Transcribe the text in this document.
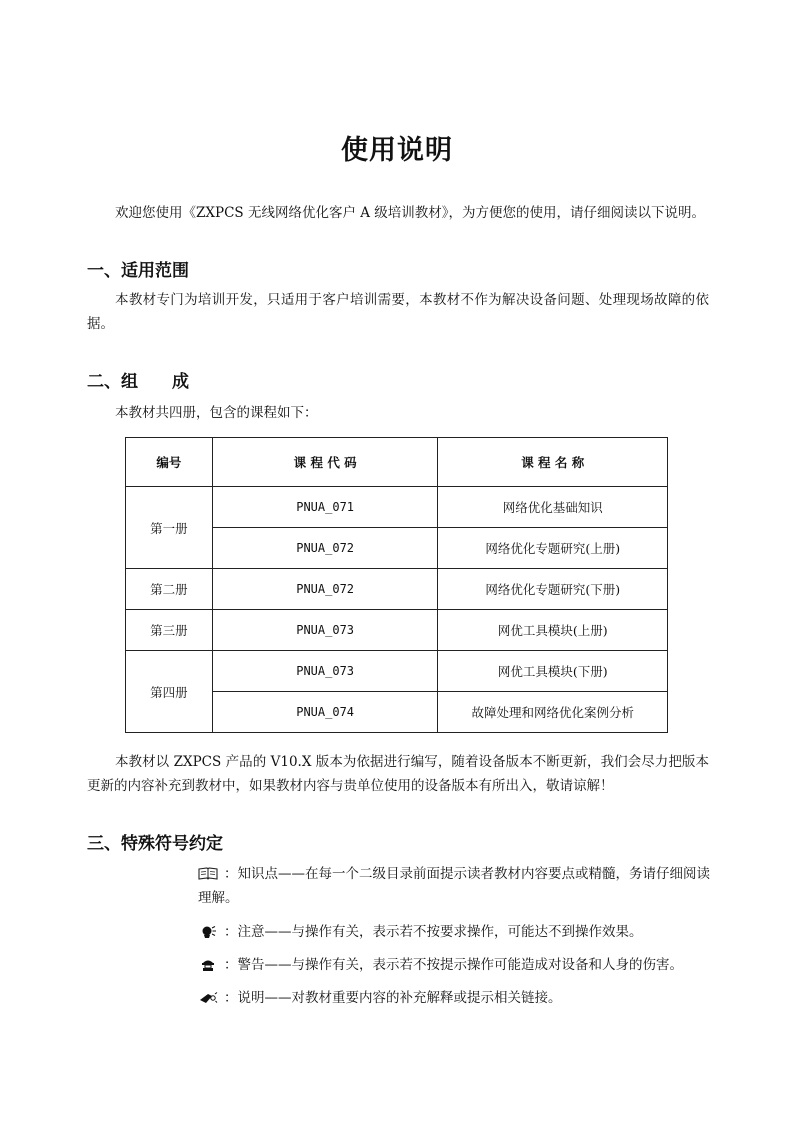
使用说明
欢迎您使用《ZXPCS 无线网络优化客户 A 级培训教材》，为方便您的使用，请仔细阅读以下说明。
一、适用范围
本教材专门为培训开发，只适用于客户培训需要，本教材不作为解决设备问题、处理现场故障的依据。
二、组　　成
本教材共四册，包含的课程如下：
编号	课 程 代 码	课 程 名 称
第一册	PNUA_071	网络优化基础知识
	PNUA_072	网络优化专题研究(上册)
第二册	PNUA_072	网络优化专题研究(下册)
第三册	PNUA_073	网优工具模块(上册)
第四册	PNUA_073	网优工具模块(下册)
	PNUA_074	故障处理和网络优化案例分析
本教材以 ZXPCS 产品的 V10.X 版本为依据进行编写，随着设备版本不断更新，我们会尽力把版本更新的内容补充到教材中，如果教材内容与贵单位使用的设备版本有所出入，敬请谅解！
三、特殊符号约定
：知识点——在每一个二级目录前面提示读者教材内容要点或精髓，务请仔细阅读理解。
：注意——与操作有关，表示若不按要求操作，可能达不到操作效果。
：警告——与操作有关，表示若不按提示操作可能造成对设备和人身的伤害。
：说明——对教材重要内容的补充解释或提示相关链接。
